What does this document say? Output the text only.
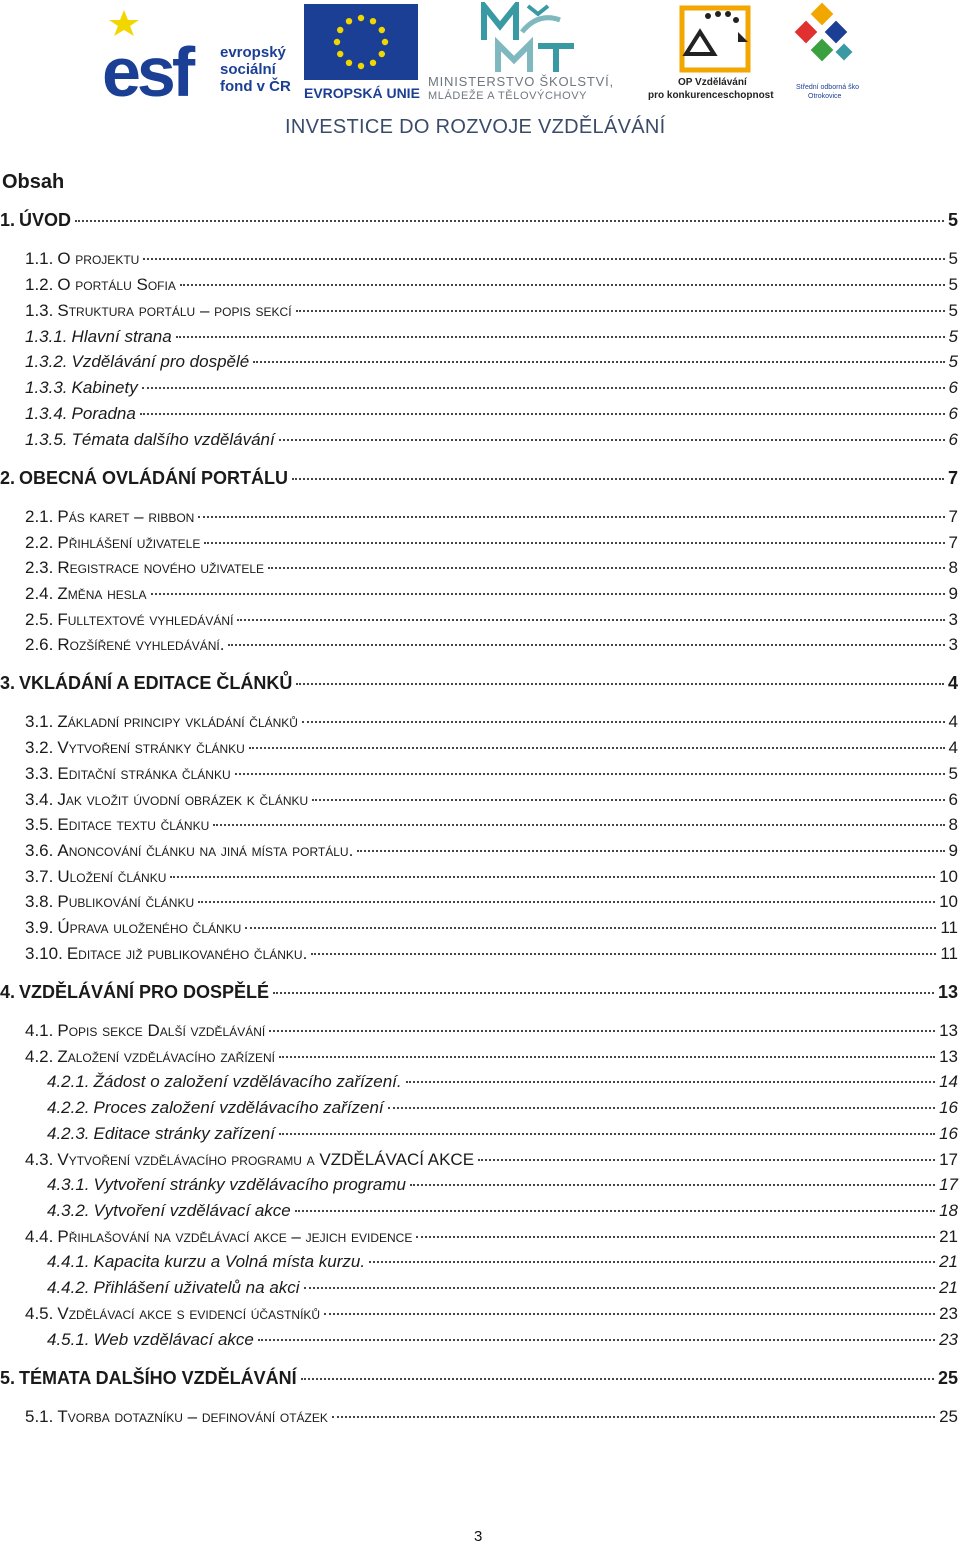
esf	evropský
sociální
fond v ČR EVROPSKÁ UNIE
MINISTERSTVO ŠKOLSTVÍ,
MLÁDEŽE A TĚLOVÝCHOVY
OP Vzdělávání
pro konkurenceschopnost
Střední odborná ško
Otrokovice
INVESTICE DO ROZVOJE VZDĚLÁVÁNÍ
Obsah
1. ÚVOD	5
1.1. O projektu	5
1.2. O portálu Sofia	5
1.3. Struktura portálu – popis sekcí	5
1.3.1. Hlavní strana	5
1.3.2. Vzdělávání pro dospělé	5
1.3.3. Kabinety	6
1.3.4. Poradna	6
1.3.5. Témata dalšího vzdělávání	6
2. OBECNÁ OVLÁDÁNÍ PORTÁLU	7
2.1. Pás karet – ribbon	7
2.2. Přihlášení uživatele	7
2.3. Registrace nového uživatele	8
2.4. Změna hesla	9
2.5. Fulltextové vyhledávání	3
2.6. Rozšířené vyhledávání.	3
3. VKLÁDÁNÍ A EDITACE ČLÁNKŮ	4
3.1. Základní principy vkládání článků	4
3.2. Vytvoření stránky článku	4
3.3. Editační stránka článku	5
3.4. Jak vložit úvodní obrázek k článku	6
3.5. Editace textu článku	8
3.6. Anoncování článku na jiná místa portálu.	9
3.7. Uložení článku	10
3.8. Publikování článku	10
3.9. Úprava uloženého článku	11
3.10. Editace již publikovaného článku.	11
4. VZDĚLÁVÁNÍ PRO DOSPĚLÉ	13
4.1. Popis sekce Další vzdělávání	13
4.2. Založení vzdělávacího zařízení	13
4.2.1. Žádost o založení vzdělávacího zařízení.	14
4.2.2. Proces založení vzdělávacího zařízení	16
4.2.3. Editace stránky zařízení	16
4.3. Vytvoření vzdělávacího programu a VZDĚLÁVACÍ AKCE	17
4.3.1. Vytvoření stránky vzdělávacího programu	17
4.3.2. Vytvoření vzdělávací akce	18
4.4. Přihlašování na vzdělávací akce – jejich evidence	21
4.4.1. Kapacita kurzu a Volná místa kurzu.	21
4.4.2. Přihlášení uživatelů na akci	21
4.5. Vzdělávací akce s evidencí účastníků	23
4.5.1. Web vzdělávací akce	23
5. TÉMATA DALŠÍHO VZDĚLÁVÁNÍ	25
5.1. Tvorba dotazníku – definování otázek	25
3
